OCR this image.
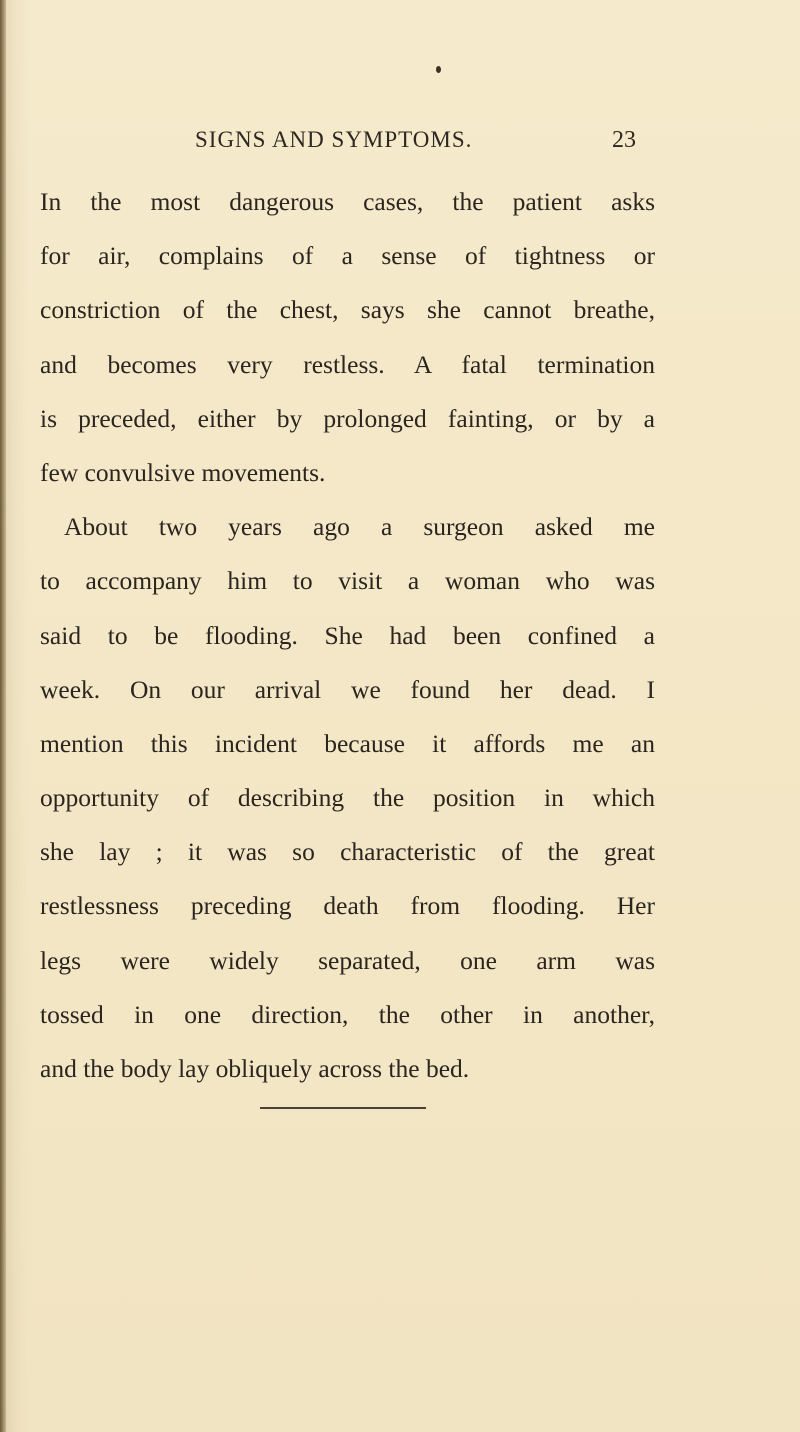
SIGNS AND SYMPTOMS.	23
In the most dangerous cases, the patient asks
for air, complains of a sense of tightness or
constriction of the chest, says she cannot breathe,
and becomes very restless. A fatal termination
is preceded, either by prolonged fainting, or by a
few convulsive movements.
About two years ago a surgeon asked me
to accompany him to visit a woman who was
said to be flooding. She had been confined a
week. On our arrival we found her dead. I
mention this incident because it affords me an
opportunity of describing the position in which
she lay ; it was so characteristic of the great
restlessness preceding death from flooding. Her
legs were widely separated, one arm was
tossed in one direction, the other in another,
and the body lay obliquely across the bed.
